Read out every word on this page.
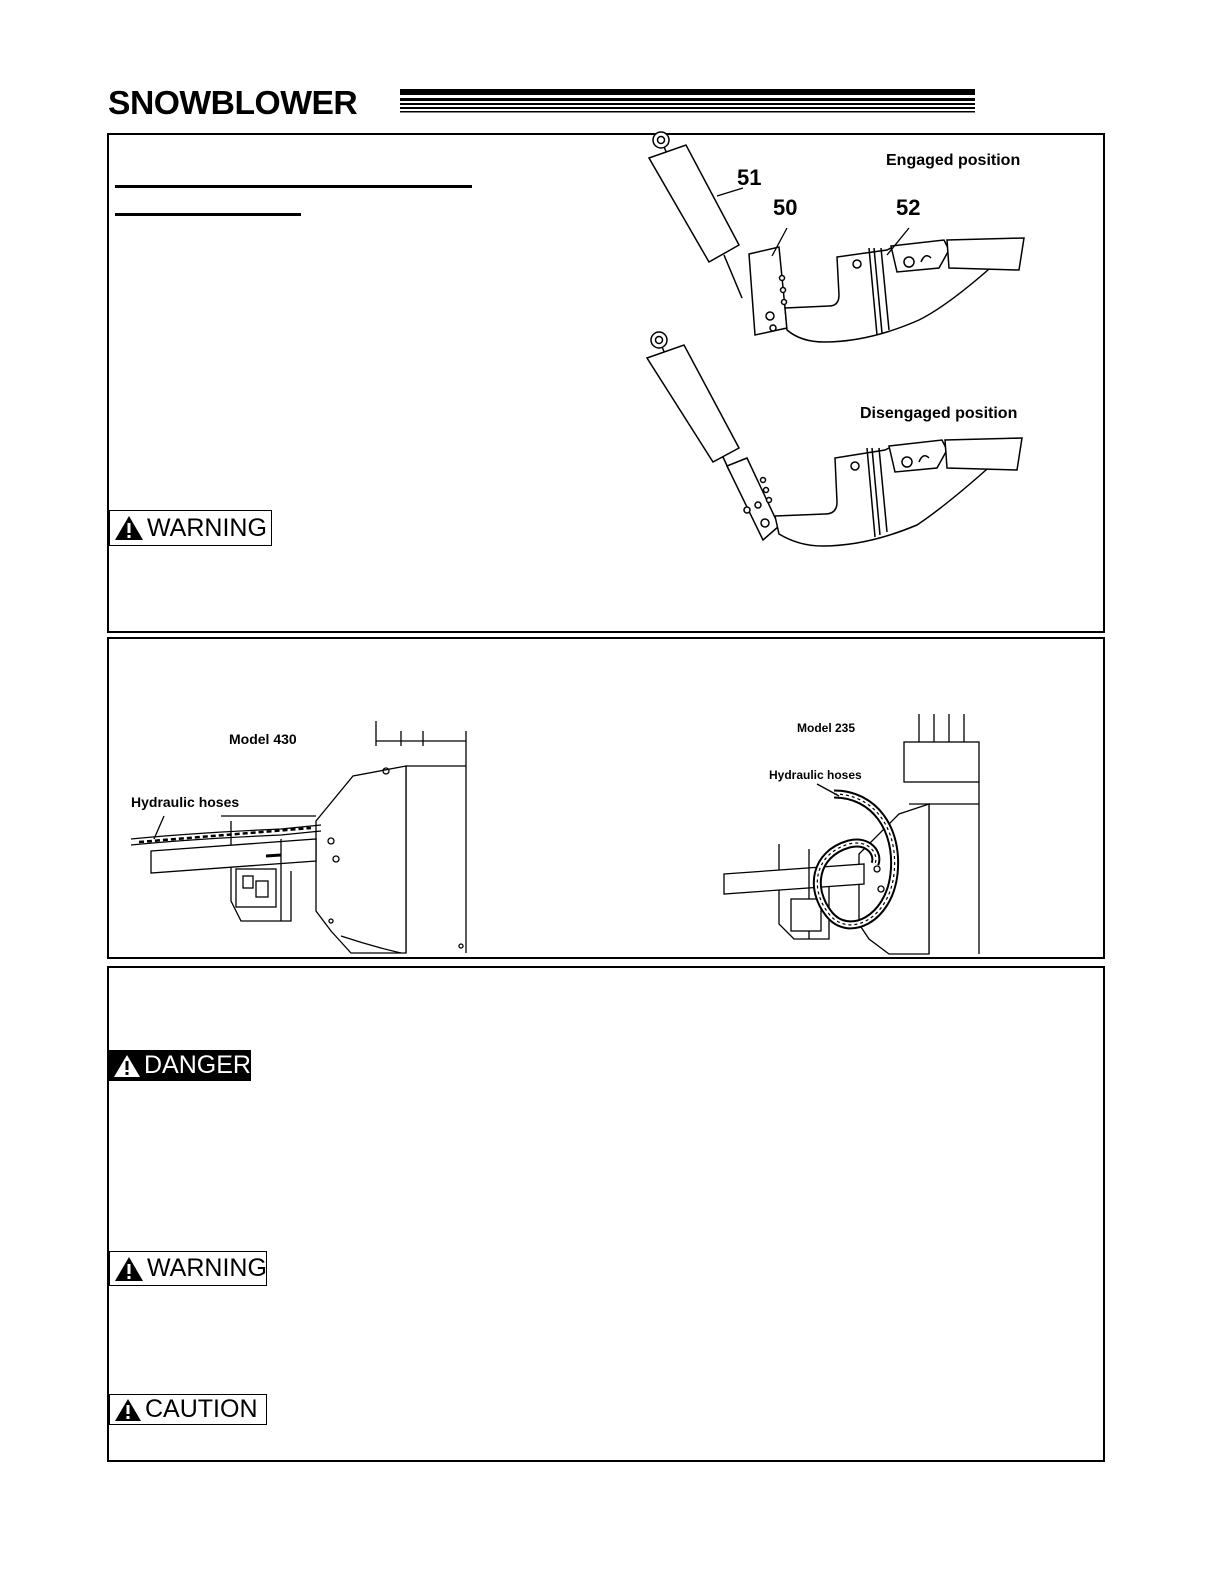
SNOWBLOWER
WARNING
51
50	52
Engaged position
Disengaged position
Model 430
Hydraulic hoses
Model 235
Hydraulic hoses
DANGER
WARNING
CAUTION
